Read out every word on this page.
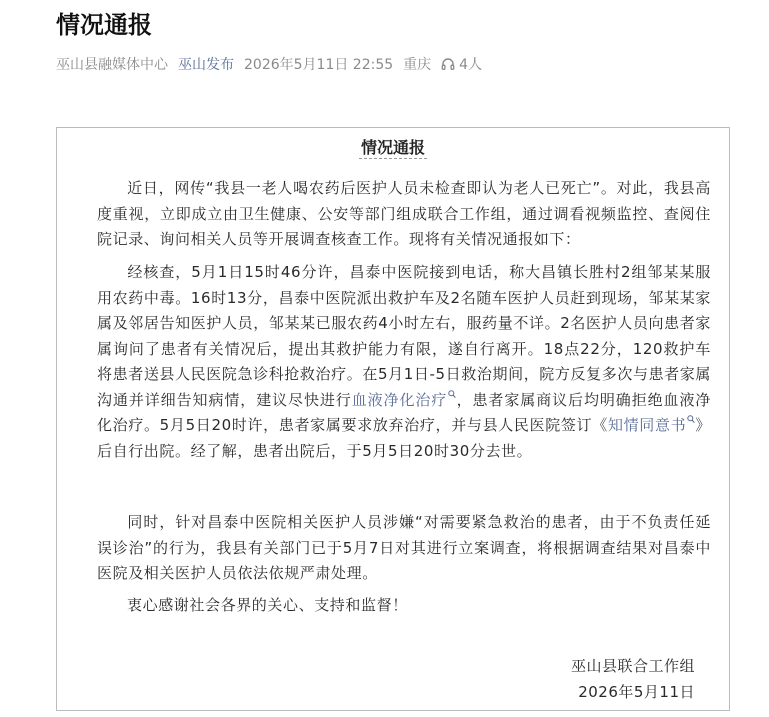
情况通报
巫山县融媒体中心 巫山发布 2026年5月11日 22:55 重庆 4人
情况通报
近日，网传“我县一老人喝农药后医护人员未检查即认为老人已死亡”。对此，我县高度重视，立即成立由卫生健康、公安等部门组成联合工作组，通过调看视频监控、查阅住院记录、询问相关人员等开展调查核查工作。现将有关情况通报如下：
经核查，5月1日15时46分许，昌泰中医院接到电话，称大昌镇长胜村2组邹某某服用农药中毒。16时13分，昌泰中医院派出救护车及2名随车医护人员赶到现场，邹某某家属及邻居告知医护人员，邹某某已服农药4小时左右，服药量不详。2名医护人员向患者家属询问了患者有关情况后，提出其救护能力有限，遂自行离开。18点22分，120救护车将患者送县人民医院急诊科抢救治疗。在5月1日-5日救治期间，院方反复多次与患者家属沟通并详细告知病情，建议尽快进行血液净化治疗 ，患者家属商议后均明确拒绝血液净化治疗。5月5日20时许，患者家属要求放弃治疗，并与县人民医院签订《知情同意书 》后自行出院。经了解，患者出院后，于5月5日20时30分去世。
同时，针对昌泰中医院相关医护人员涉嫌“对需要紧急救治的患者，由于不负责任延误诊治”的行为，我县有关部门已于5月7日对其进行立案调查，将根据调查结果对昌泰中医院及相关医护人员依法依规严肃处理。
衷心感谢社会各界的关心、支持和监督！
巫山县联合工作组
2026年5月11日
